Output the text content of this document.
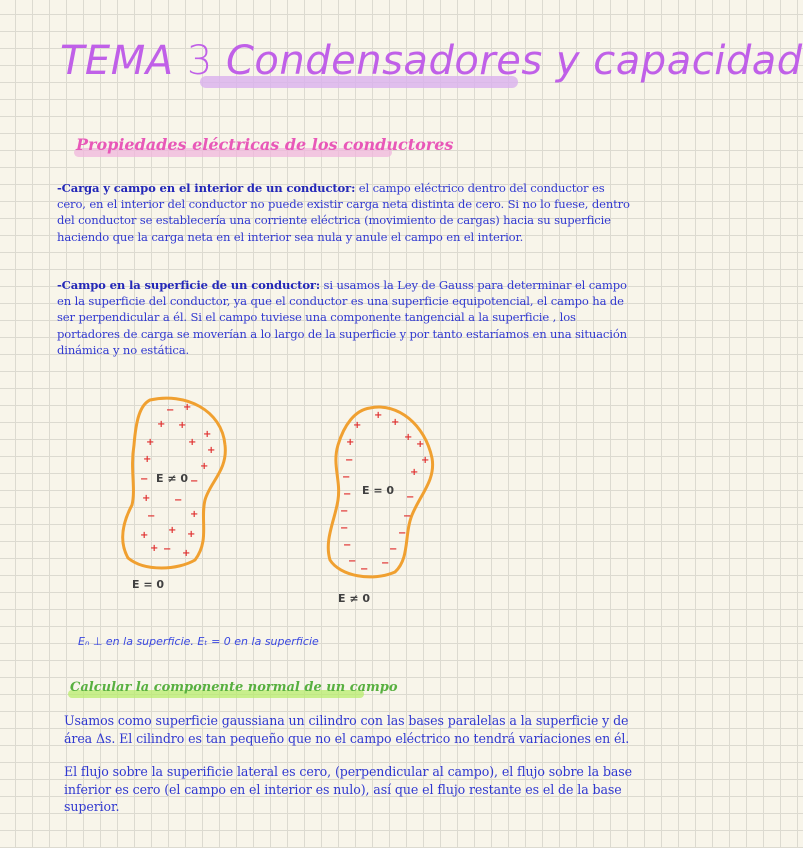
TEMA 3 Condensadores y capacidad
Propiedades eléctricas de los conductores

-Carga y campo en el interior de un conductor: el campo eléctrico dentro del conductor es cero, en el interior del conductor no puede existir carga neta distinta de cero. Si no lo fuese, dentro del conductor se establecería una corriente eléctrica (movimiento de cargas) hacia su superficie haciendo que la carga neta en el interior sea nula y anule el campo en el interior.

-Campo en la superficie de un conductor: si usamos la Ley de Gauss para determinar el campo en la superficie del conductor, ya que el conductor es una superficie equipotencial, el campo ha de ser perpendicular a él. Si el campo tuviese una componente tangencial a la superficie , los portadores de carga se moverían a lo largo de la superficie y por tanto estaríamos en una situación dinámica y no estática.

− +
+ +
+
+	+
+
+
+
−	−
+ −
+
−
+ +
+
+ − +
+
+
+
+
+
+
+
+
−
−
−
−
−
−
−
−
−
−
−
−
−
E ≠ 0
E = 0
E = 0
E ≠ 0
Eₙ ⊥ en la superficie. Eₜ = 0 en la superficie
Calcular la componente normal de un campo

Usamos como superficie gaussiana un cilindro con las bases paralelas a la superficie y de área Δs. El cilindro es tan pequeño que no el campo eléctrico no tendrá variaciones en él.

El flujo sobre la superificie lateral es cero, (perpendicular al campo), el flujo sobre la base inferior es cero (el campo en el interior es nulo), así que el flujo restante es el de la base superior.
